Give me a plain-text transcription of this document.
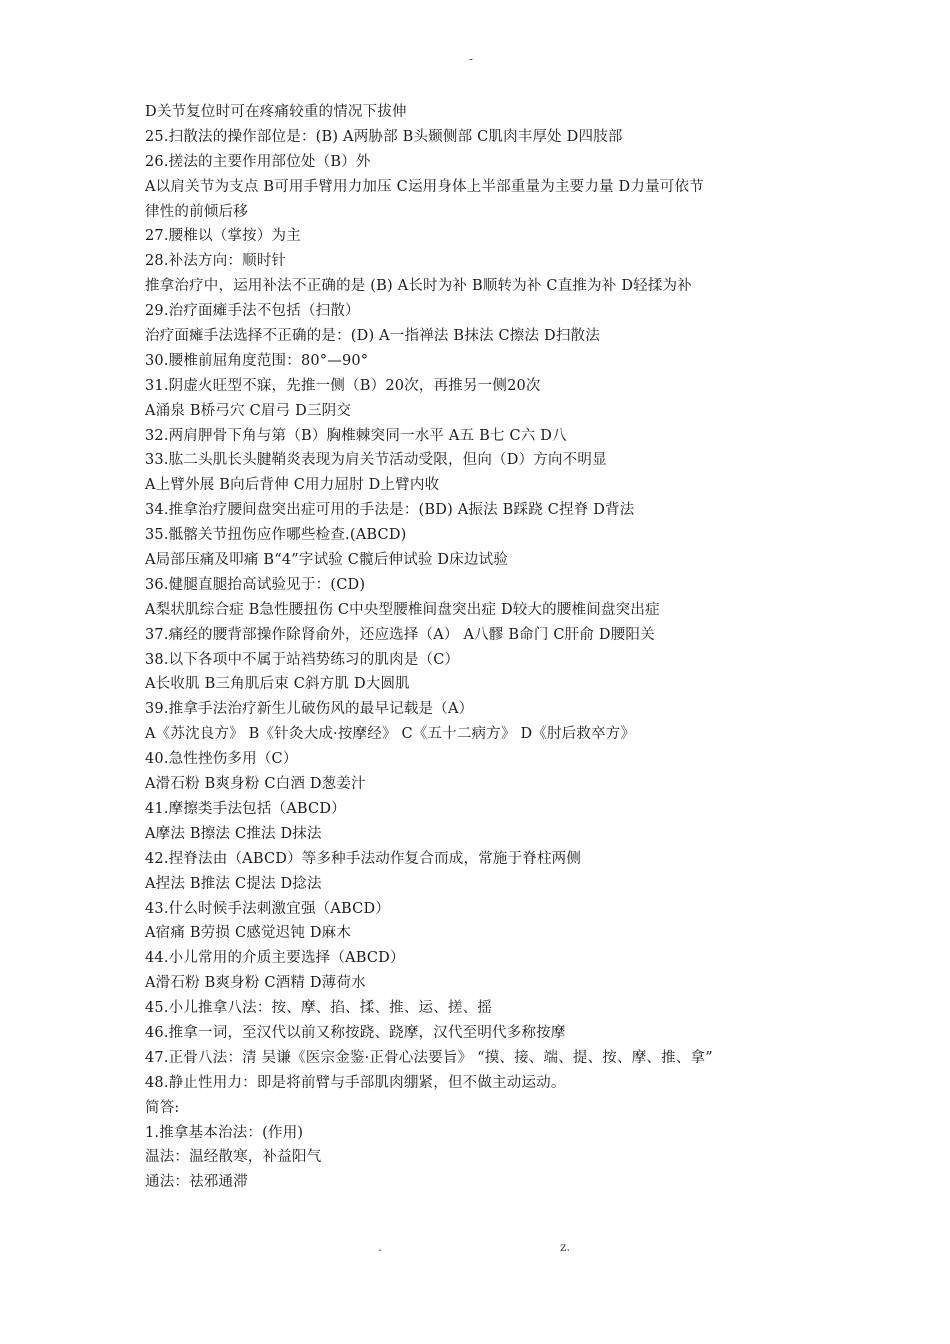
-
D关节复位时可在疼痛较重的情况下拔伸
25.扫散法的操作部位是：(B) A两胁部 B头颞侧部 C肌肉丰厚处 D四肢部
26.搓法的主要作用部位处（B）外
A以肩关节为支点 B可用手臂用力加压 C运用身体上半部重量为主要力量 D力量可依节
律性的前倾后移
27.腰椎以（掌按）为主
28.补法方向：顺时针
推拿治疗中，运用补法不正确的是 (B) A长时为补 B顺转为补 C直推为补 D轻揉为补
29.治疗面瘫手法不包括（扫散）
治疗面瘫手法选择不正确的是：(D) A一指禅法 B抹法 C擦法 D扫散法
30.腰椎前屈角度范围：80°—90°
31.阴虚火旺型不寐，先推一侧（B）20次，再推另一侧20次
A涌泉 B桥弓穴 C眉弓 D三阴交
32.两肩胛骨下角与第（B）胸椎棘突同一水平 A五 B七 C六 D八
33.肱二头肌长头腱鞘炎表现为肩关节活动受限，但向（D）方向不明显
A上臂外展 B向后背伸 C用力屈肘 D上臂内收
34.推拿治疗腰间盘突出症可用的手法是：(BD) A振法 B踩跷 C捏脊 D背法
35.骶髂关节扭伤应作哪些检查.(ABCD)
A局部压痛及叩痛 B“4”字试验 C髋后伸试验 D床边试验
36.健腿直腿抬高试验见于：(CD)
A梨状肌综合症 B急性腰扭伤 C中央型腰椎间盘突出症 D较大的腰椎间盘突出症
37.痛经的腰背部操作除肾俞外，还应选择（A） A八髎 B命门 C肝俞 D腰阳关
38.以下各项中不属于站裆势练习的肌肉是（C）
A长收肌 B三角肌后束 C斜方肌 D大圆肌
39.推拿手法治疗新生儿破伤风的最早记载是（A）
A《苏沈良方》 B《针灸大成·按摩经》 C《五十二病方》 D《肘后救卒方》
40.急性挫伤多用（C）
A滑石粉 B爽身粉 C白酒 D葱姜汁
41.摩擦类手法包括（ABCD）
A摩法 B擦法 C推法 D抹法
42.捏脊法由（ABCD）等多种手法动作复合而成，常施于脊柱两侧
A捏法 B推法 C提法 D捻法
43.什么时候手法刺激宜强（ABCD）
A宿痛 B劳损 C感觉迟钝 D麻木
44.小儿常用的介质主要选择（ABCD）
A滑石粉 B爽身粉 C酒精 D薄荷水
45.小儿推拿八法：按、摩、掐、揉、推、运、搓、摇
46.推拿一词，至汉代以前又称按跷、跷摩，汉代至明代多称按摩
47.正骨八法：清 吴谦《医宗金鉴·正骨心法要旨》 “摸、接、端、提、按、摩、推、拿”
48.静止性用力：即是将前臂与手部肌肉绷紧，但不做主动运动。
简答:
1.推拿基本治法：(作用)
温法：温经散寒，补益阳气
通法：祛邪通滞
.	z.
